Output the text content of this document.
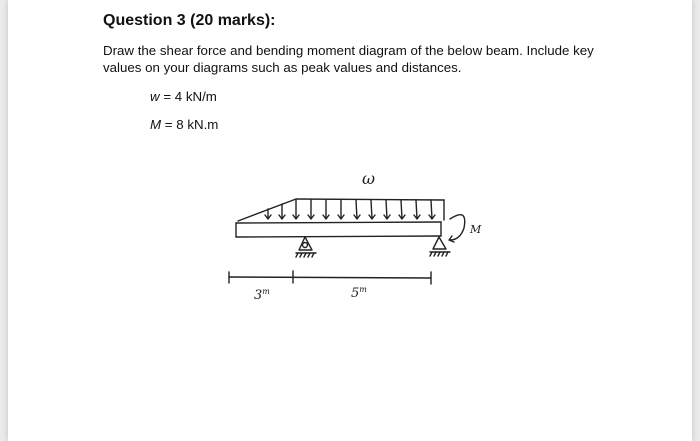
Question 3 (20 marks):
Draw the shear force and bending moment diagram of the below beam. Include key values on your diagrams such as peak values and distances.
w = 4 kN/m
M = 8 kN.m
ω
M
3$^m$	5$^m$
